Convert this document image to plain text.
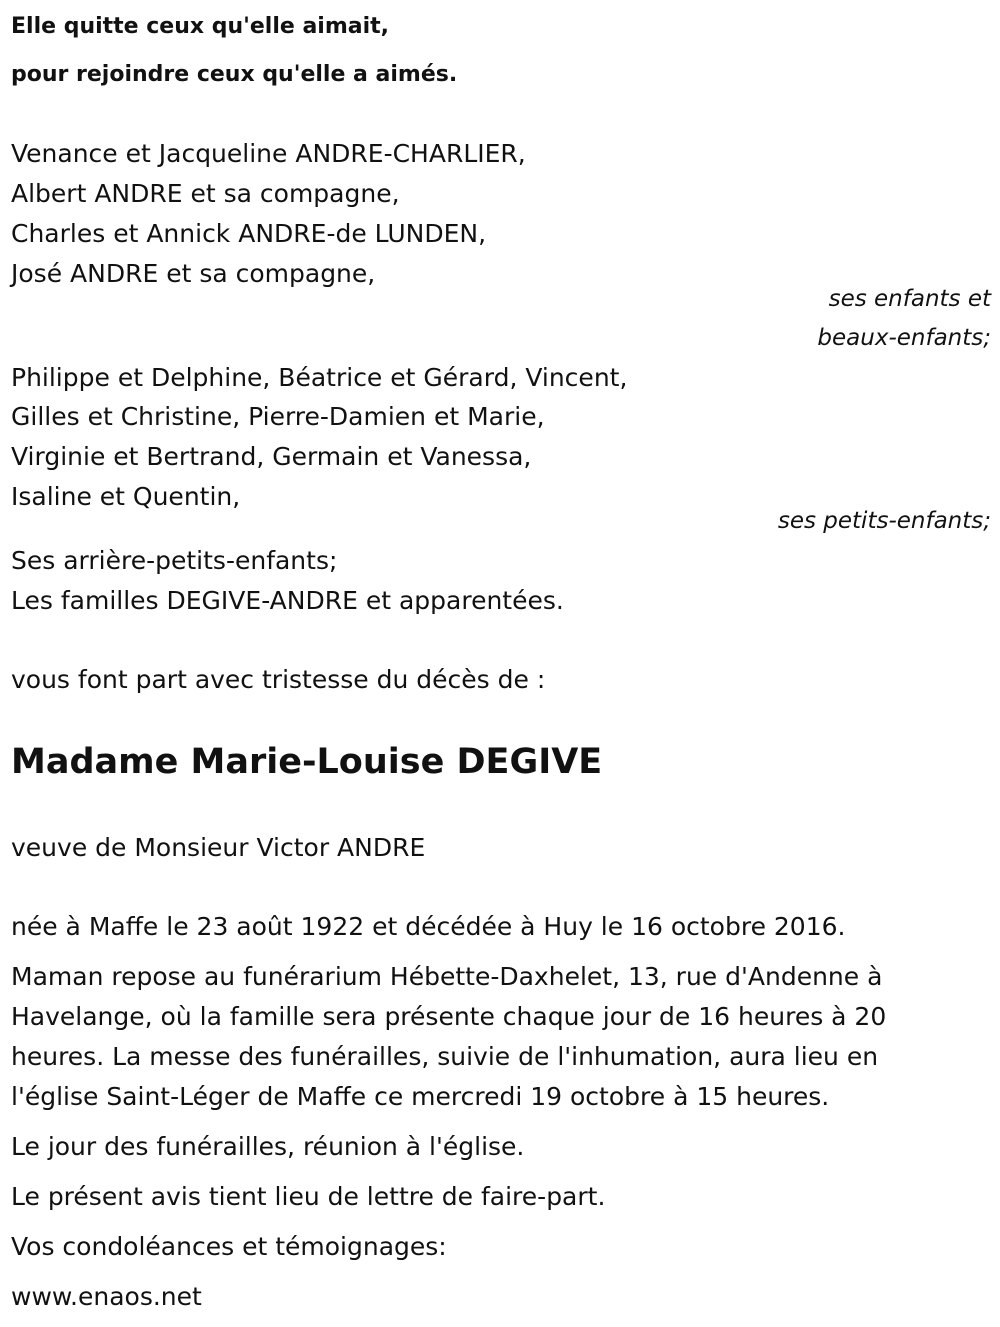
Elle quitte ceux qu'elle aimait,

pour rejoindre ceux qu'elle a aimés.

Venance et Jacqueline ANDRE-CHARLIER,

Albert ANDRE et sa compagne,

Charles et Annick ANDRE-de LUNDEN,

José ANDRE et sa compagne,

ses enfants et

beaux-enfants;

Philippe et Delphine, Béatrice et Gérard, Vincent,

Gilles et Christine, Pierre-Damien et Marie,

Virginie et Bertrand, Germain et Vanessa,

Isaline et Quentin,

ses petits-enfants;

Ses arrière-petits-enfants;

Les familles DEGIVE-ANDRE et apparentées.

vous font part avec tristesse du décès de :

Madame Marie-Louise DEGIVE

veuve de Monsieur Victor ANDRE

née à Maffe le 23 août 1922 et décédée à Huy le 16 octobre 2016.

Maman repose au funérarium Hébette-Daxhelet, 13, rue d'Andenne à

Havelange, où la famille sera présente chaque jour de 16 heures à 20

heures. La messe des funérailles, suivie de l'inhumation, aura lieu en

l'église Saint-Léger de Maffe ce mercredi 19 octobre à 15 heures.

Le jour des funérailles, réunion à l'église.

Le présent avis tient lieu de lettre de faire-part.

Vos condoléances et témoignages:

www.enaos.net
